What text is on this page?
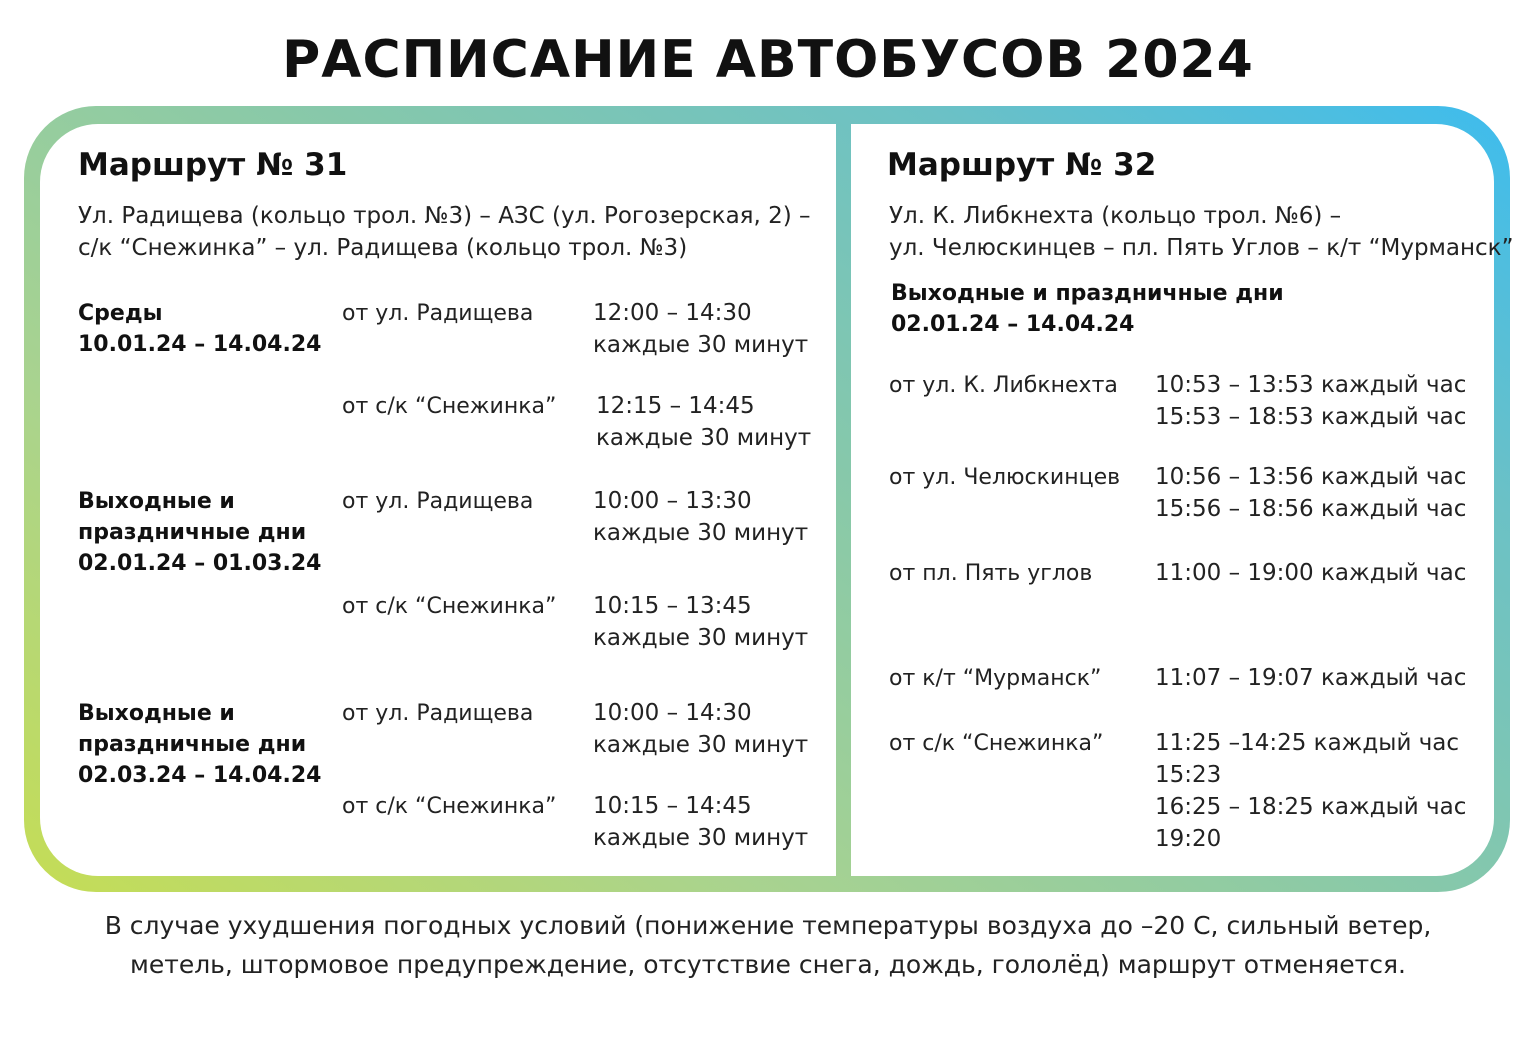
РАСПИСАНИЕ АВТОБУСОВ 2024
Маршрут № 31
Ул. Радищева (кольцо трол. №3) – АЗС (ул. Рогозерская, 2) –
с/к “Снежинка” – ул. Радищева (кольцо трол. №3)
Среды
10.01.24 – 14.04.24
от ул. Радищева	12:00 – 14:30
каждые 30 минут
от с/к “Снежинка” 12:15 – 14:45
каждые 30 минут
Выходные и
праздничные дни
02.01.24 – 01.03.24
от ул. Радищева	10:00 – 13:30
каждые 30 минут
от с/к “Снежинка” 10:15 – 13:45
каждые 30 минут
Выходные и
праздничные дни
02.03.24 – 14.04.24
от ул. Радищева	10:00 – 14:30
каждые 30 минут
от с/к “Снежинка” 10:15 – 14:45
каждые 30 минут
Маршрут № 32
Ул. К. Либкнехта (кольцо трол. №6) –
ул. Челюскинцев – пл. Пять Углов – к/т “Мурманск”
Выходные и праздничные дни
02.01.24 – 14.04.24
от ул. К. Либкнехта 10:53 – 13:53 каждый час
15:53 – 18:53 каждый час
от ул. Челюскинцев 10:56 – 13:56 каждый час
15:56 – 18:56 каждый час
от пл. Пять углов	11:00 – 19:00 каждый час
от к/т “Мурманск” 11:07 – 19:07 каждый час
от с/к “Снежинка” 11:25 –14:25 каждый час
15:23
16:25 – 18:25 каждый час
19:20
В случае ухудшения погодных условий (понижение температуры воздуха до –20 С, сильный ветер,
метель, штормовое предупреждение, отсутствие снега, дождь, гололёд) маршрут отменяется.
